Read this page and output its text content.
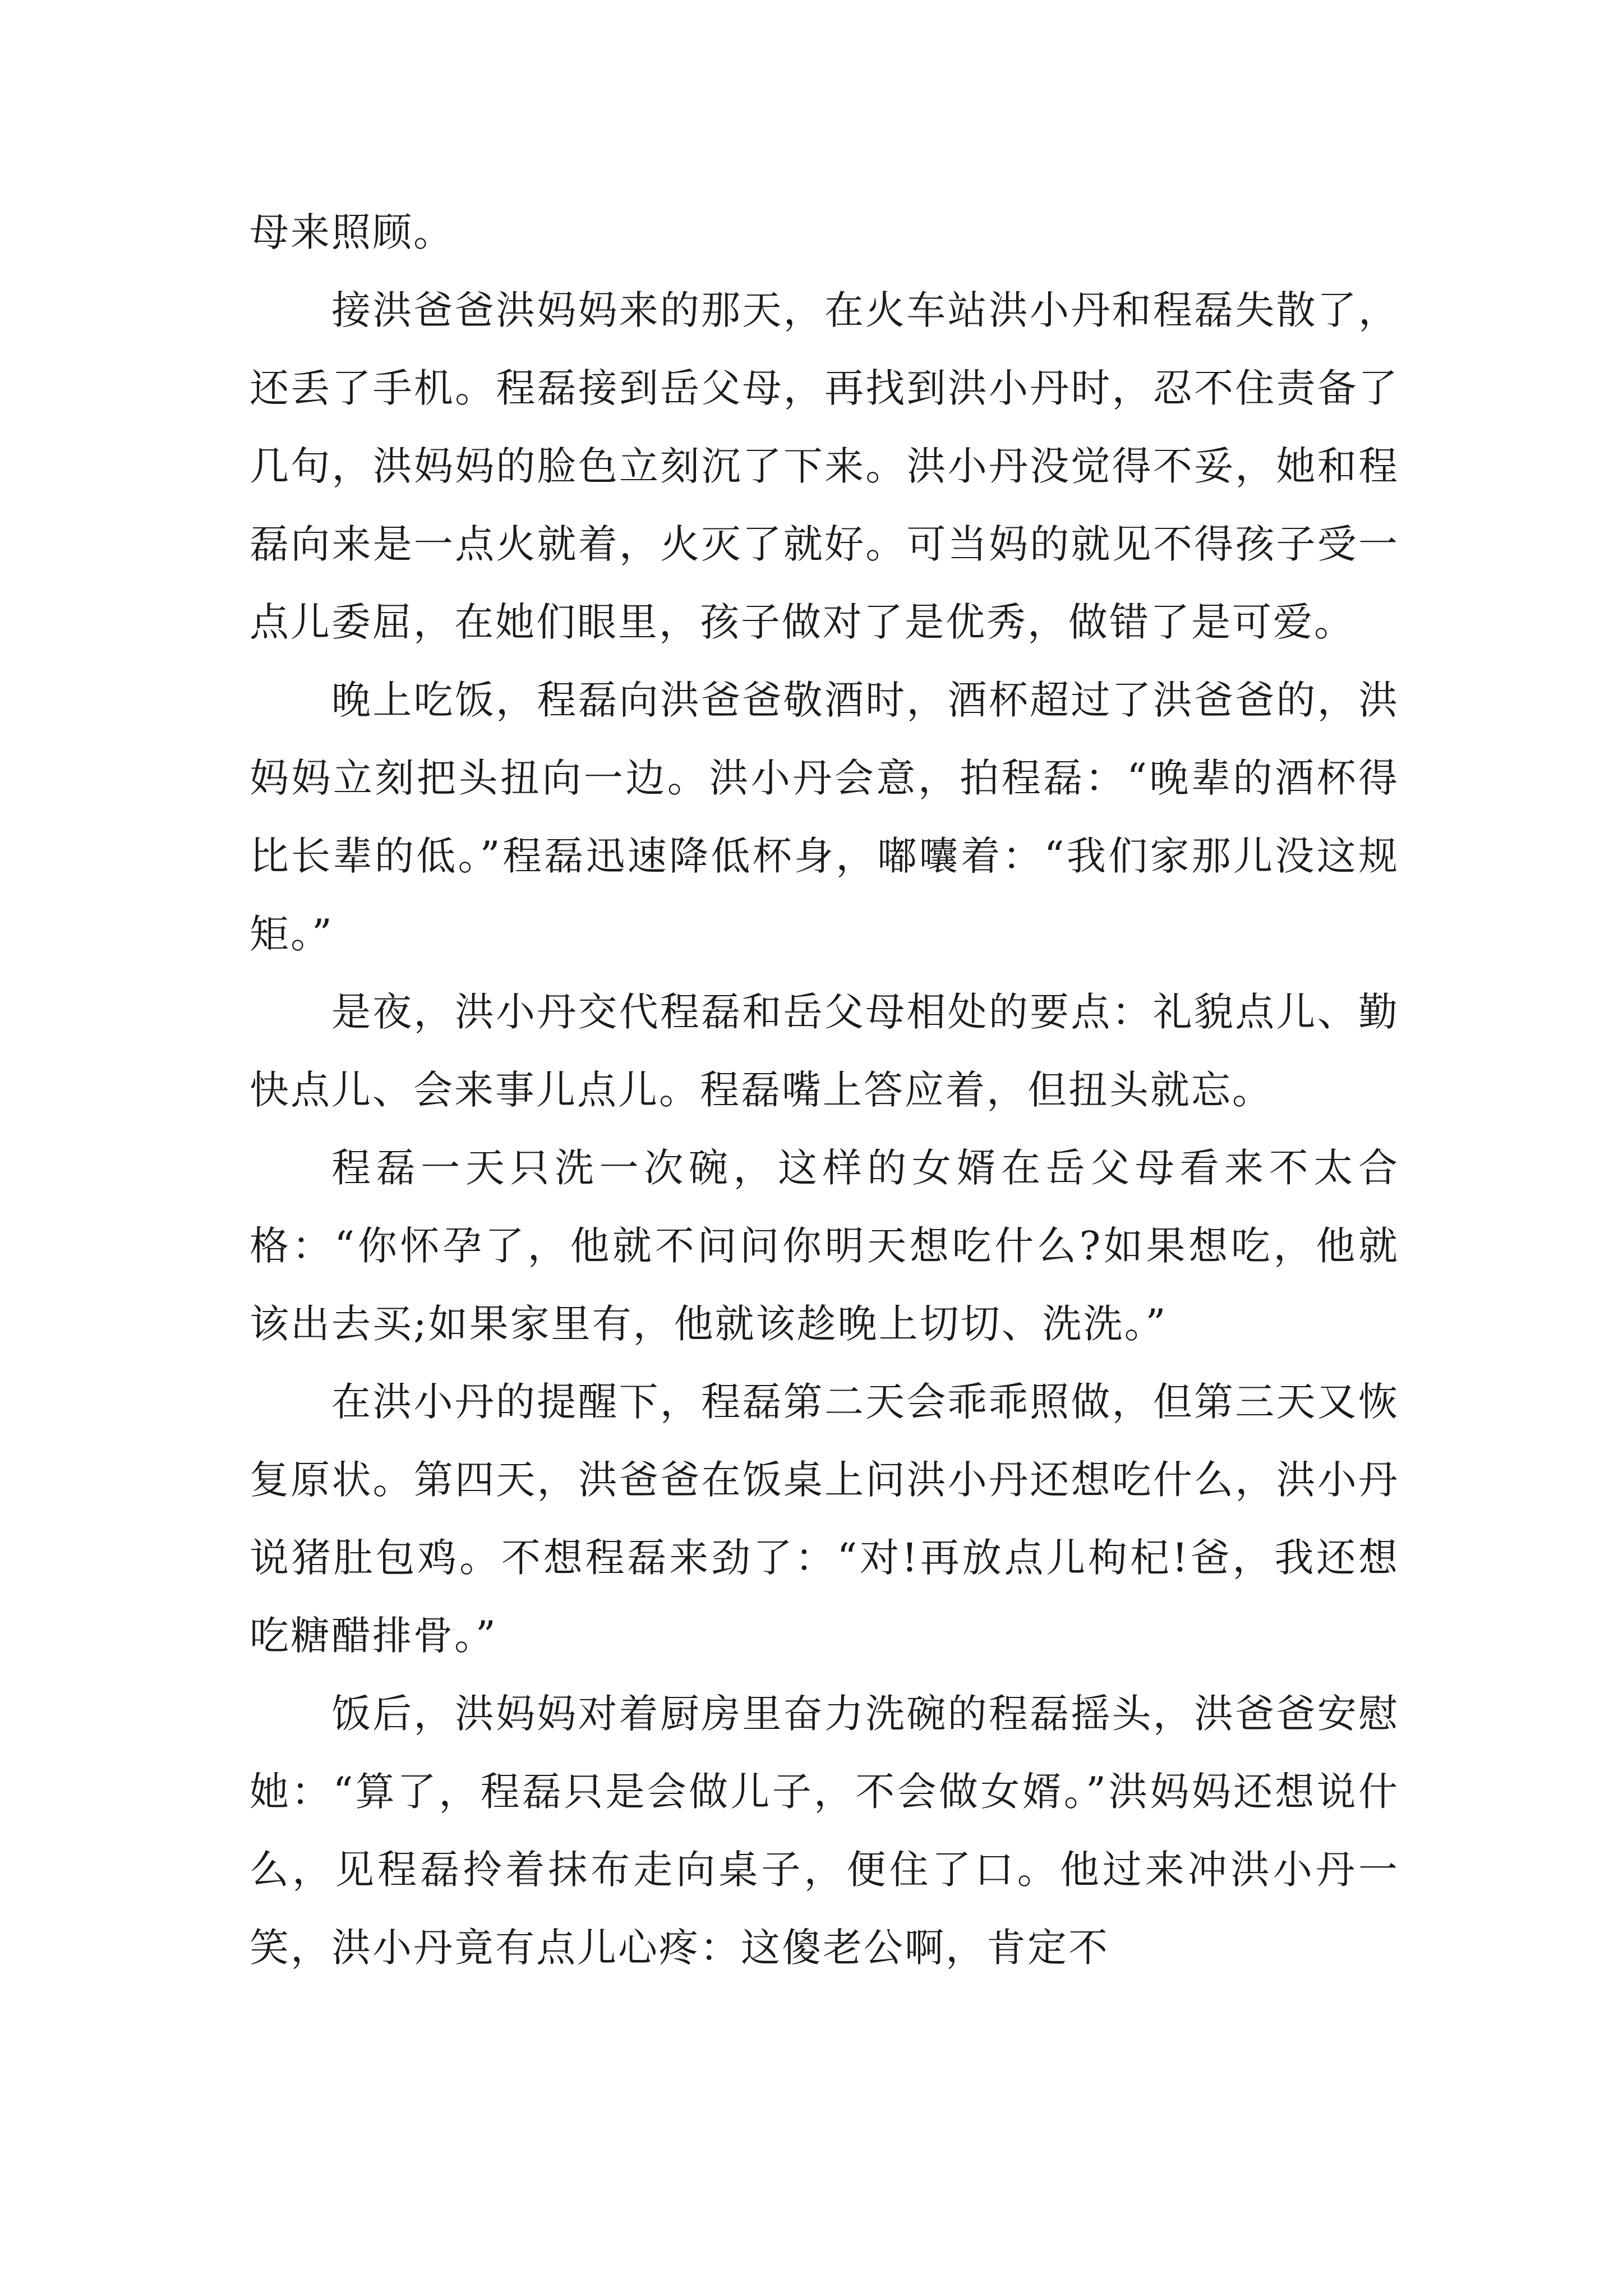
母来照顾。

接洪爸爸洪妈妈来的那天，在火车站洪小丹和程磊失散了，还丢了手机。程磊接到岳父母，再找到洪小丹时，忍不住责备了几句，洪妈妈的脸色立刻沉了下来。洪小丹没觉得不妥，她和程磊向来是一点火就着，火灭了就好。可当妈的就见不得孩子受一点儿委屈，在她们眼里，孩子做对了是优秀，做错了是可爱。

晚上吃饭，程磊向洪爸爸敬酒时，酒杯超过了洪爸爸的，洪妈妈立刻把头扭向一边。洪小丹会意，拍程磊：“晚辈的酒杯得比长辈的低。”程磊迅速降低杯身，嘟囔着：“我们家那儿没这规矩。”

是夜，洪小丹交代程磊和岳父母相处的要点：礼貌点儿、勤快点儿、会来事儿点儿。程磊嘴上答应着，但扭头就忘。

程磊一天只洗一次碗，这样的女婿在岳父母看来不太合格：“你怀孕了，他就不问问你明天想吃什么?如果想吃，他就该出去买;如果家里有，他就该趁晚上切切、洗洗。”

在洪小丹的提醒下，程磊第二天会乖乖照做，但第三天又恢复原状。第四天，洪爸爸在饭桌上问洪小丹还想吃什么，洪小丹说猪肚包鸡。不想程磊来劲了：“对!再放点儿枸杞!爸，我还想吃糖醋排骨。”

饭后，洪妈妈对着厨房里奋力洗碗的程磊摇头，洪爸爸安慰她：“算了，程磊只是会做儿子，不会做女婿。”洪妈妈还想说什么，见程磊拎着抹布走向桌子，便住了口。他过来冲洪小丹一笑，洪小丹竟有点儿心疼：这傻老公啊，肯定不
